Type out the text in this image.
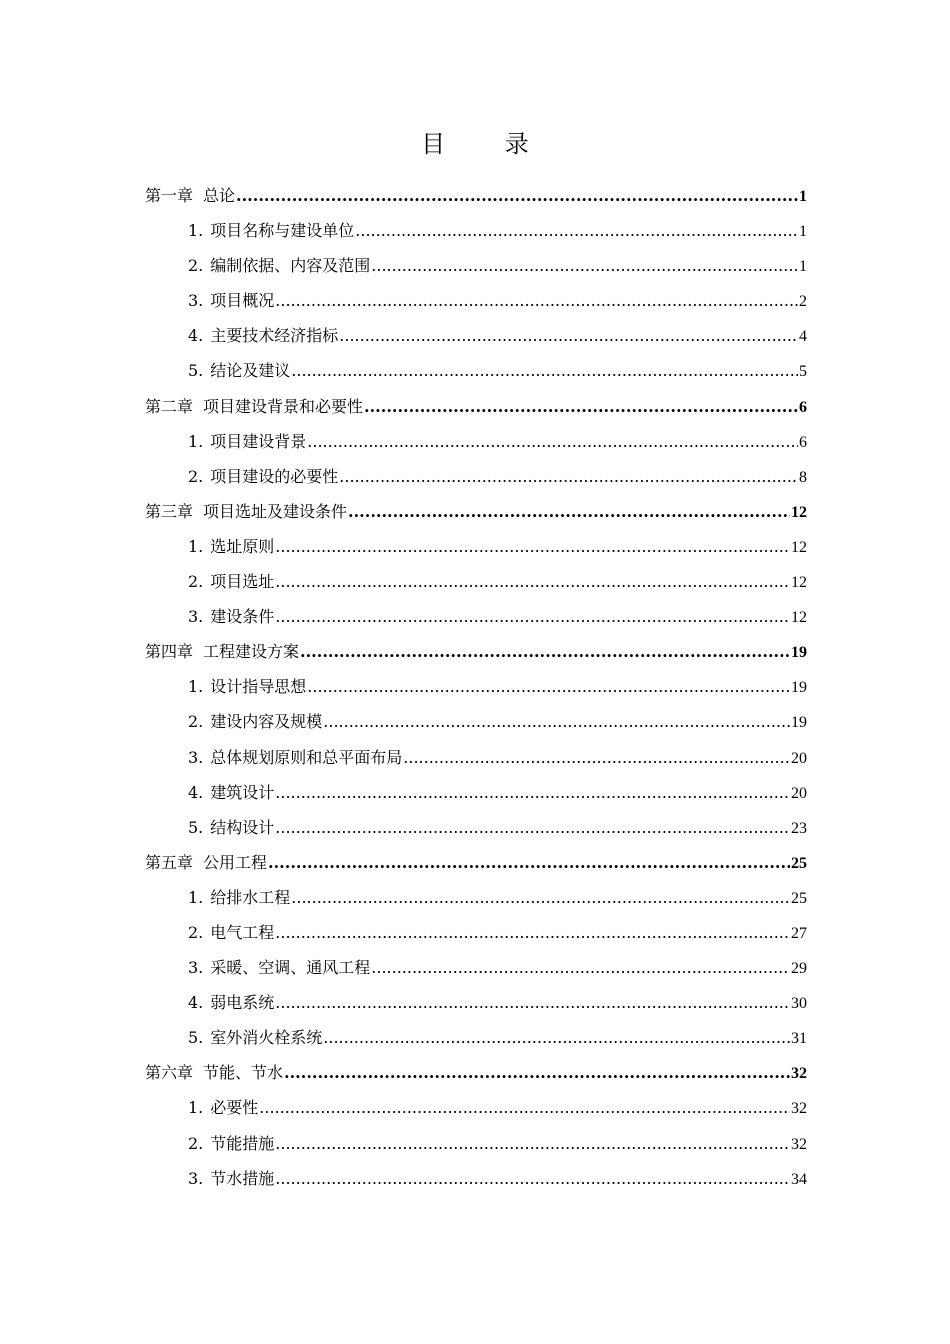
目 录
第一章 总论 .....	1
1. 项目名称与建设单位 .....	1
2. 编制依据、内容及范围 .....	1
3. 项目概况 .....	2
4. 主要技术经济指标 .....	4
5. 结论及建议 .....	5
第二章 项目建设背景和必要性 .....	6
1. 项目建设背景 .....	6
2. 项目建设的必要性 .....	8
第三章 项目选址及建设条件 .....	12
1. 选址原则 .....	12
2. 项目选址 .....	12
3. 建设条件 .....	12
第四章 工程建设方案 .....	19
1. 设计指导思想 .....	19
2. 建设内容及规模 .....	19
3. 总体规划原则和总平面布局 .....	20
4. 建筑设计 .....	20
5. 结构设计 .....	23
第五章 公用工程 .....	25
1. 给排水工程 .....	25
2. 电气工程 .....	27
3. 采暖、空调、通风工程 .....	29
4. 弱电系统 .....	30
5. 室外消火栓系统 .....	31
第六章 节能、节水 .....	32
1. 必要性 .....	32
2. 节能措施 .....	32
3. 节水措施 .....	34
